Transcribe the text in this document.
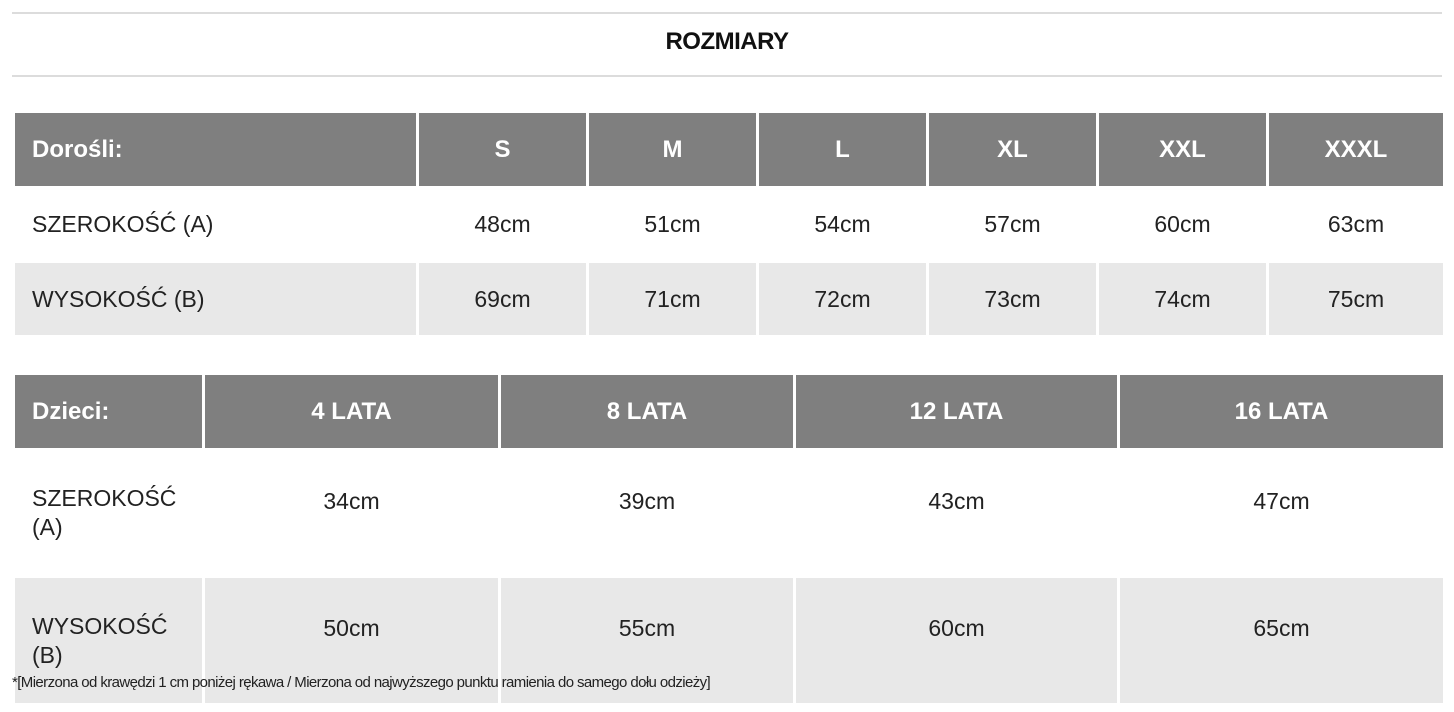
ROZMIARY
Dorośli:	S	M	L	XL	XXL	XXXL
SZEROKOŚĆ (A)	48cm	51cm	54cm	57cm	60cm	63cm
WYSOKOŚĆ (B)	69cm	71cm	72cm	73cm	74cm	75cm
Dzieci:	4 LATA	8 LATA	12 LATA	16 LATA
SZEROKOŚĆ (A)	34cm	39cm	43cm	47cm
WYSOKOŚĆ (B)	50cm	55cm	60cm	65cm
*[Mierzona od krawędzi 1 cm poniżej rękawa / Mierzona od najwyższego punktu ramienia do samego dołu odzieży]
